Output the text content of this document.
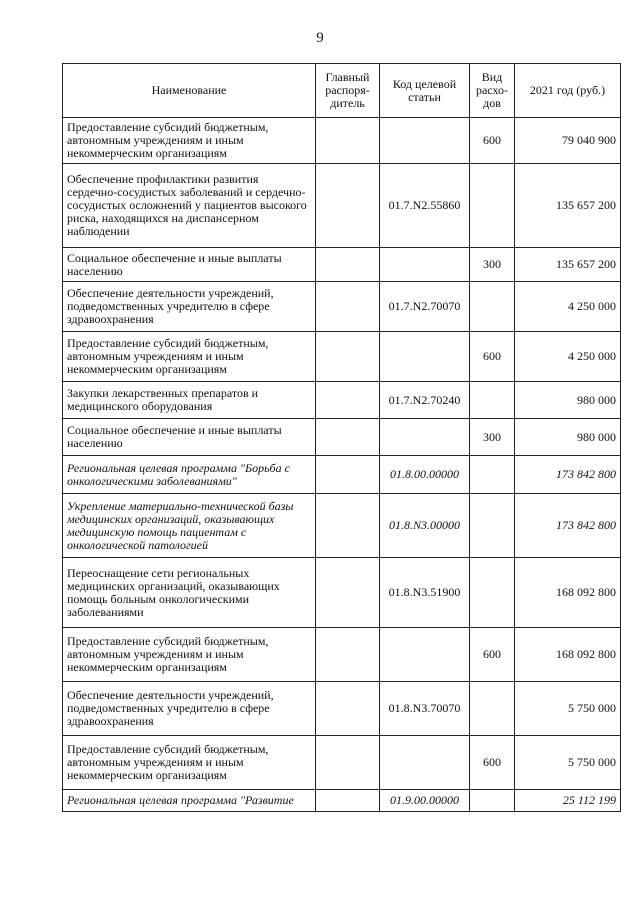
9
Наименование	Главный распоря-дитель	Код целевой статьи	Вид расхо-дов	2021 год (руб.)
Предоставление субсидий бюджетным, автономным учреждениям и иным некоммерческим организациям			600	79 040 900
Обеспечение профилактики развития сердечно-сосудистых заболеваний и сердечно-сосудистых осложнений у пациентов высокого риска, находящихся на диспансерном наблюдении		01.7.N2.55860		135 657 200
Социальное обеспечение и иные выплаты населению			300	135 657 200
Обеспечение деятельности учреждений, подведомственных учредителю в сфере здравоохранения		01.7.N2.70070		4 250 000
Предоставление субсидий бюджетным, автономным учреждениям и иным некоммерческим организациям			600	4 250 000
Закупки лекарственных препаратов и медицинского оборудования		01.7.N2.70240		980 000
Социальное обеспечение и иные выплаты населению			300	980 000
Региональная целевая программа "Борьба с онкологическими заболеваниями"		01.8.00.00000		173 842 800
Укрепление материально-технической базы медицинских организаций, оказывающих медицинскую помощь пациентам с онкологической патологией		01.8.N3.00000		173 842 800
Переоснащение сети региональных медицинских организаций, оказывающих помощь больным онкологическими заболеваниями		01.8.N3.51900		168 092 800
Предоставление субсидий бюджетным, автономным учреждениям и иным некоммерческим организациям			600	168 092 800
Обеспечение деятельности учреждений, подведомственных учредителю в сфере здравоохранения		01.8.N3.70070		5 750 000
Предоставление субсидий бюджетным, автономным учреждениям и иным некоммерческим организациям			600	5 750 000
Региональная целевая программа "Развитие		01.9.00.00000		25 112 199
